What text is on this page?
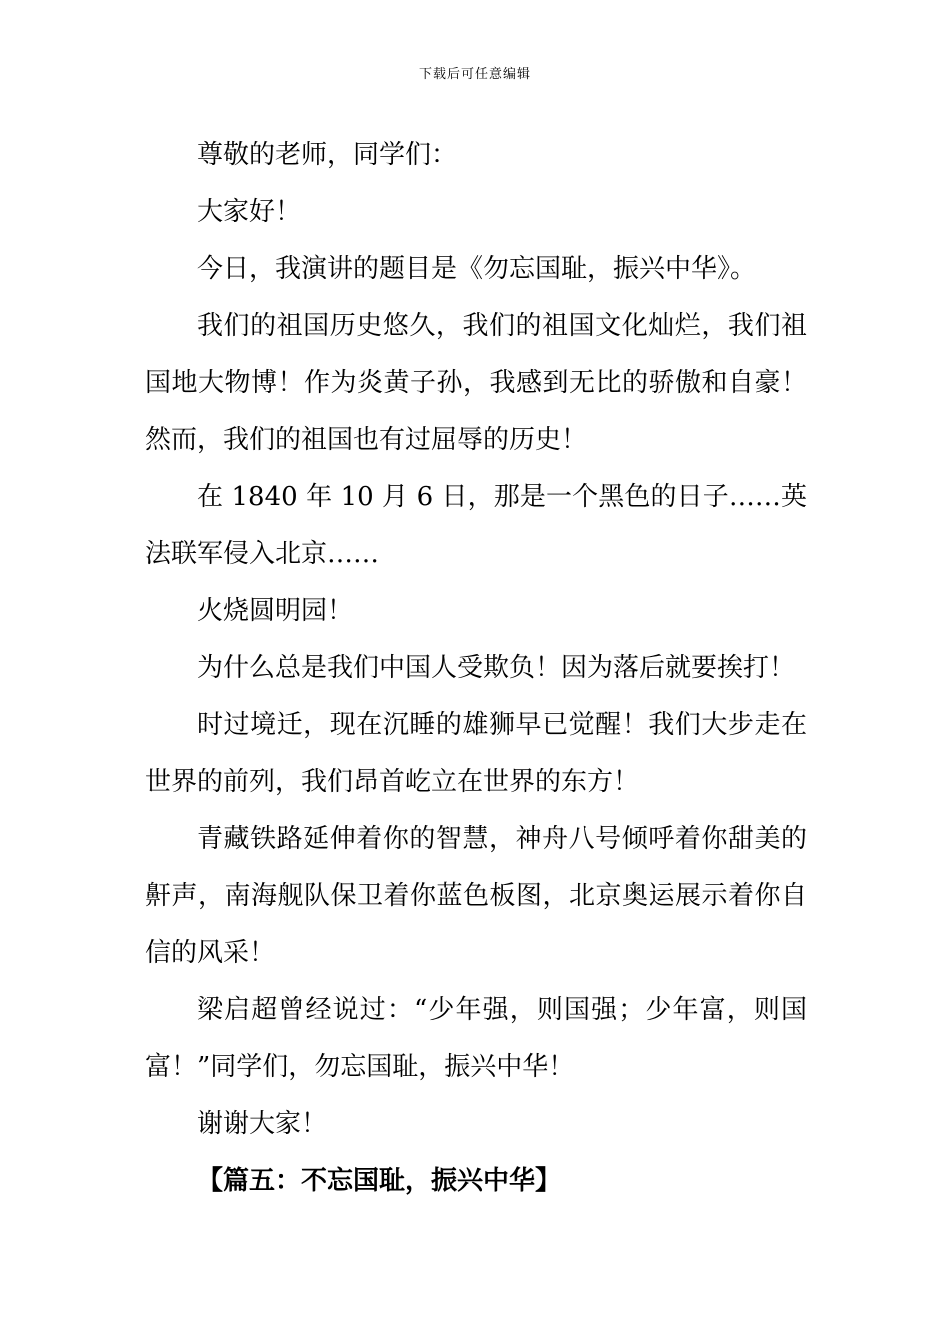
下载后可任意编辑

尊敬的老师，同学们：

大家好！

今日，我演讲的题目是《勿忘国耻，振兴中华》。

我们的祖国历史悠久，我们的祖国文化灿烂，我们祖国地大物博！作为炎黄子孙，我感到无比的骄傲和自豪！然而，我们的祖国也有过屈辱的历史！

在 1840 年 10 月 6 日，那是一个黑色的日子……英法联军侵入北京……

火烧圆明园！

为什么总是我们中国人受欺负！因为落后就要挨打！

时过境迁，现在沉睡的雄狮早已觉醒！我们大步走在世界的前列，我们昂首屹立在世界的东方！

青藏铁路延伸着你的智慧，神舟八号倾呼着你甜美的鼾声，南海舰队保卫着你蓝色板图，北京奥运展示着你自信的风采！

梁启超曾经说过：“少年强，则国强；少年富，则国富！”同学们，勿忘国耻，振兴中华！

谢谢大家！

【篇五：不忘国耻，振兴中华】
